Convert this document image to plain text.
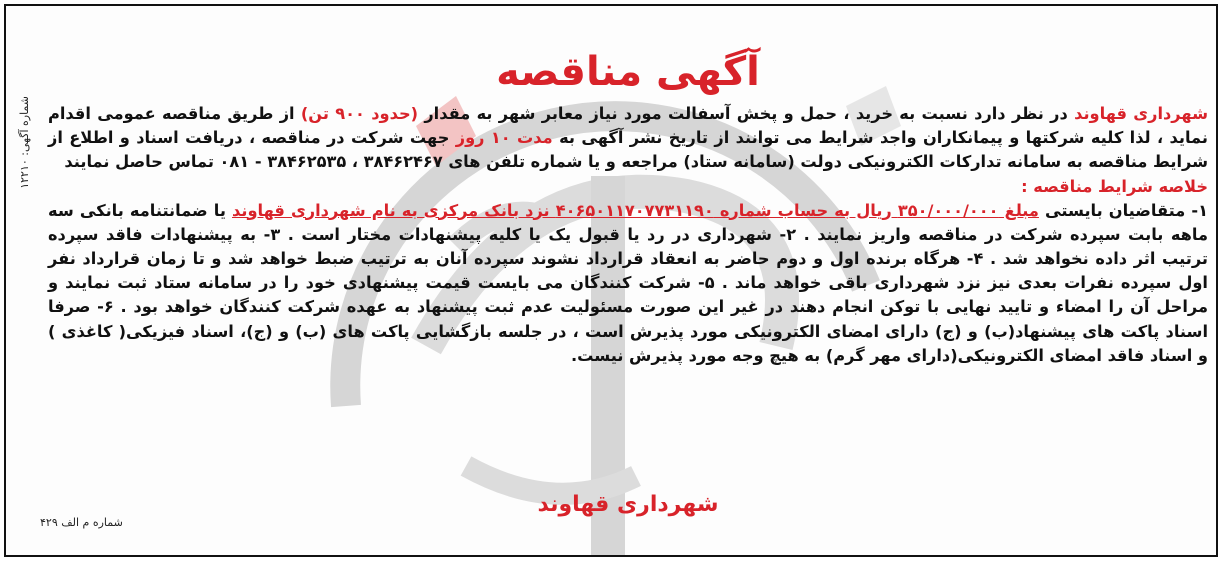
شماره آگهی: ۱۲۲۱۰
آگهی مناقصه

شهرداری قهاوند در نظر دارد نسبت به خرید ، حمل و پخش آسفالت مورد نیاز معابر شهر به مقدار (حدود ۹۰۰ تن) از طریق مناقصه عمومی اقدام نماید ، لذا کلیه شرکتها و پیمانکاران واجد شرایط می توانند از تاریخ نشر آگهی به مدت ۱۰ روز جهت شرکت در مناقصه ، دریافت اسناد و اطلاع از شرایط مناقصه به سامانه تدارکات الکترونیکی دولت (سامانه ستاد) مراجعه و یا شماره تلفن های ۳۸۴۶۲۴۶۷ ، ۳۸۴۶۲۵۳۵ - ۰۸۱ تماس حاصل نمایند

خلاصه شرایط مناقصه :

۱- متقاضیان بایستی مبلغ ۳۵۰/۰۰۰/۰۰۰ ریال به حساب شماره ۴۰۶۵۰۱۱۷۰۷۷۳۱۱۹۰ نزد بانک مرکزی به نام شهرداری قهاوند یا ضمانتنامه بانکی سه ماهه بابت سپرده شرکت در مناقصه واریز نمایند . ۲- شهرداری در رد یا قبول یک یا کلیه پیشنهادات مختار است . ۳- به پیشنهادات فاقد سپرده ترتیب اثر داده نخواهد شد . ۴- هرگاه برنده اول و دوم حاضر به انعقاد قرارداد نشوند سپرده آنان به ترتیب ضبط خواهد شد و تا زمان قرارداد نفر اول سپرده نفرات بعدی نیز نزد شهرداری باقی خواهد ماند . ۵- شرکت کنندگان می بایست قیمت پیشنهادی خود را در سامانه ستاد ثبت نمایند و مراحل آن را امضاء و تایید نهایی با توکن انجام دهند در غیر این صورت مسئولیت عدم ثبت پیشنهاد به عهده شرکت کنندگان خواهد بود . ۶- صرفا اسناد پاکت های پیشنهاد(ب) و (ج) دارای امضای الکترونیکی مورد پذیرش است ، در جلسه بازگشایی پاکت های (ب) و (ج)، اسناد فیزیکی( کاغذی ) و اسناد فاقد امضای الکترونیکی(دارای مهر گرم) به هیچ وجه مورد پذیرش نیست.

شهرداری قهاوند
شماره م الف ۴۲۹
